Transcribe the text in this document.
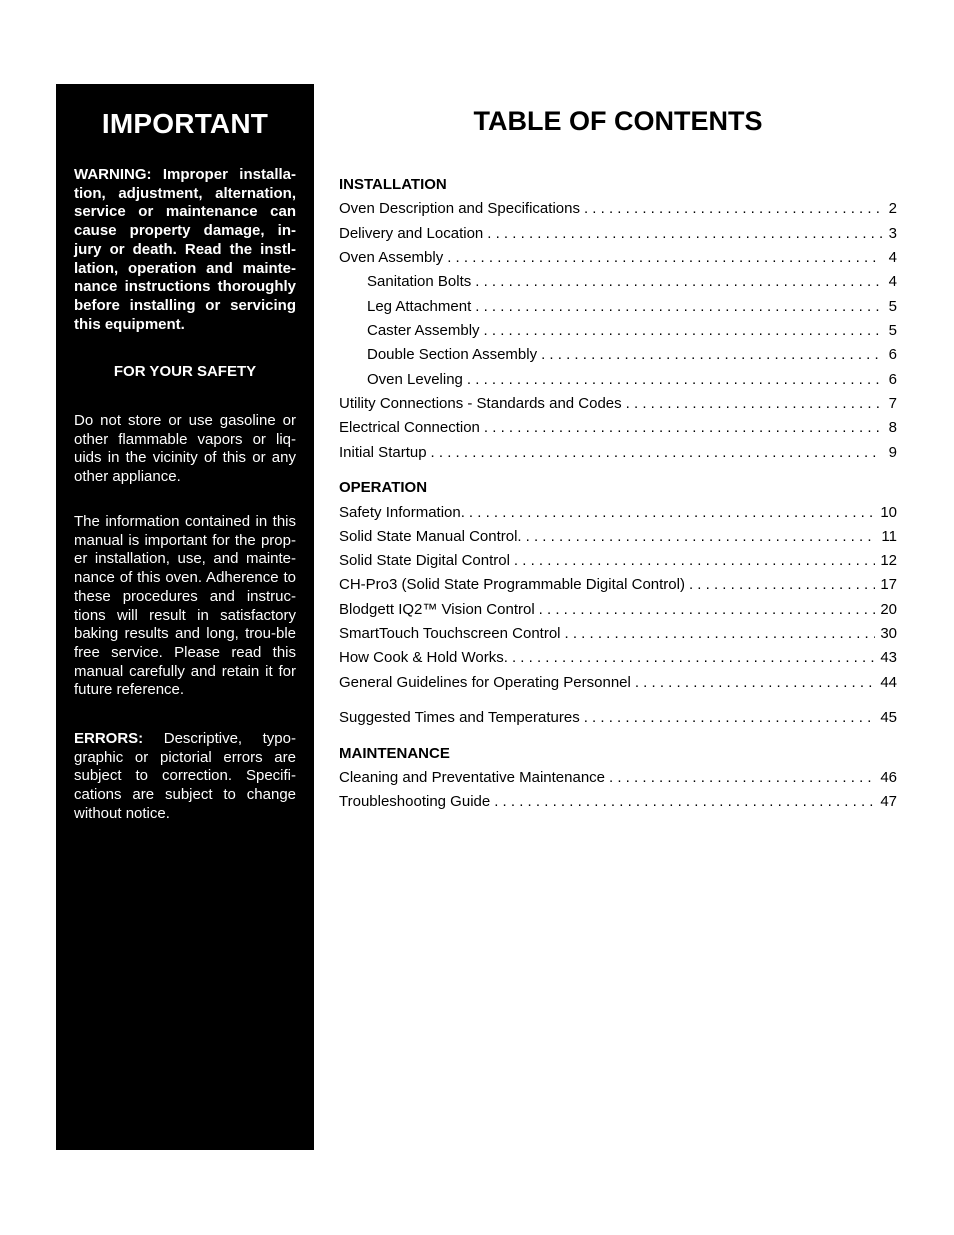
IMPORTANT
WARNING: Improper installa-tion, adjustment, alternation, service or maintenance can cause property damage, in-jury or death. Read the instl-lation, operation and mainte-nance instructions thoroughly before installing or servicing this equipment.
FOR YOUR SAFETY
Do not store or use gasoline or other flammable vapors or liq-uids in the vicinity of this or any other appliance.
The information contained in this manual is important for the prop-er installation, use, and mainte-nance of this oven. Adherence to these procedures and instruc-tions will result in satisfactory baking results and long, trou-ble free service. Please read this manual carefully and retain it for future reference.
ERRORS: Descriptive, typo-graphic or pictorial errors are subject to correction. Specifi-cations are subject to change without notice.
TABLE OF CONTENTS
INSTALLATION
Oven Description and Specifications . . .	2
Delivery and Location . . .	3
Oven Assembly . . .	4
Sanitation Bolts . . .	4
Leg Attachment . . .	5
Caster Assembly . . .	5
Double Section Assembly . . .	6
Oven Leveling . . .	6
Utility Connections - Standards and Codes . . .	7
Electrical Connection . . .	8
Initial Startup . . .	9
OPERATION
Safety Information. . . .	10
Solid State Manual Control. . . .	11
Solid State Digital Control . . .	12
CH-Pro3 (Solid State Programmable Digital Control) . . .	17
Blodgett IQ2™ Vision Control . . .	20
SmartTouch Touchscreen Control . . .	30
How Cook & Hold Works. . . .	43
General Guidelines for Operating Personnel . . .	44
Suggested Times and Temperatures . . .	45
MAINTENANCE
Cleaning and Preventative Maintenance . . .	46
Troubleshooting Guide . . .	47
